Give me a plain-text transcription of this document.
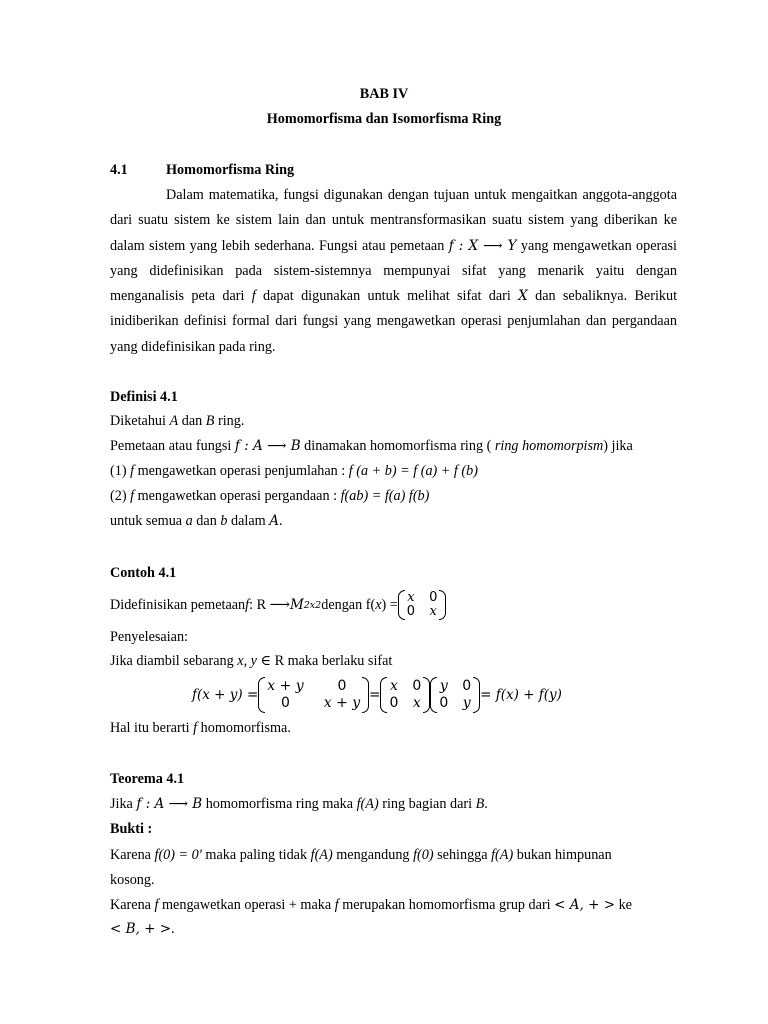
BAB IV
Homomorfisma dan Isomorfisma Ring
4.1	Homomorfisma Ring
Dalam matematika, fungsi digunakan dengan tujuan untuk mengaitkan anggota-anggota dari suatu sistem ke sistem lain dan untuk mentransformasikan suatu sistem yang diberikan ke dalam sistem yang lebih sederhana. Fungsi atau pemetaan f : X ⟶ Y yang mengawetkan operasi yang didefinisikan pada sistem-sistemnya mempunyai sifat yang menarik yaitu dengan menganalisis peta dari f dapat digunakan untuk melihat sifat dari X dan sebaliknya. Berikut inidiberikan definisi formal dari fungsi yang mengawetkan operasi penjumlahan dan pergandaan yang didefinisikan pada ring.
Definisi 4.1
Diketahui A dan B ring.
Pemetaan atau fungsi f : A ⟶ B dinamakan homomorfisma ring ( ring homomorpism) jika
(1) f mengawetkan operasi penjumlahan : f (a + b) = f (a) + f (b)
(2) f mengawetkan operasi pergandaan : f(ab) = f(a) f(b)
untuk semua a dan b dalam A.
Contoh 4.1
Didefinisikan pemetaan f : R ⟶ M 2x2 dengan f( x ) = x 0
0 x
Penyelesaian:
Jika diambil sebarang x, y ∈ R maka berlaku sifat
f(x + y) =
x + y	0
0	x + y =
x 0
0 x
y 0
0 y = f(x) + f(y)
Hal itu berarti f homomorfisma.
Teorema 4.1
Jika f : A ⟶ B homomorfisma ring maka f(A) ring bagian dari B.
Bukti :
Karena f(0) = 0′ maka paling tidak f(A) mengandung f(0) sehingga f(A) bukan himpunan
kosong.
Karena f mengawetkan operasi + maka f merupakan homomorfisma grup dari < A, + > ke
< B, + >.
